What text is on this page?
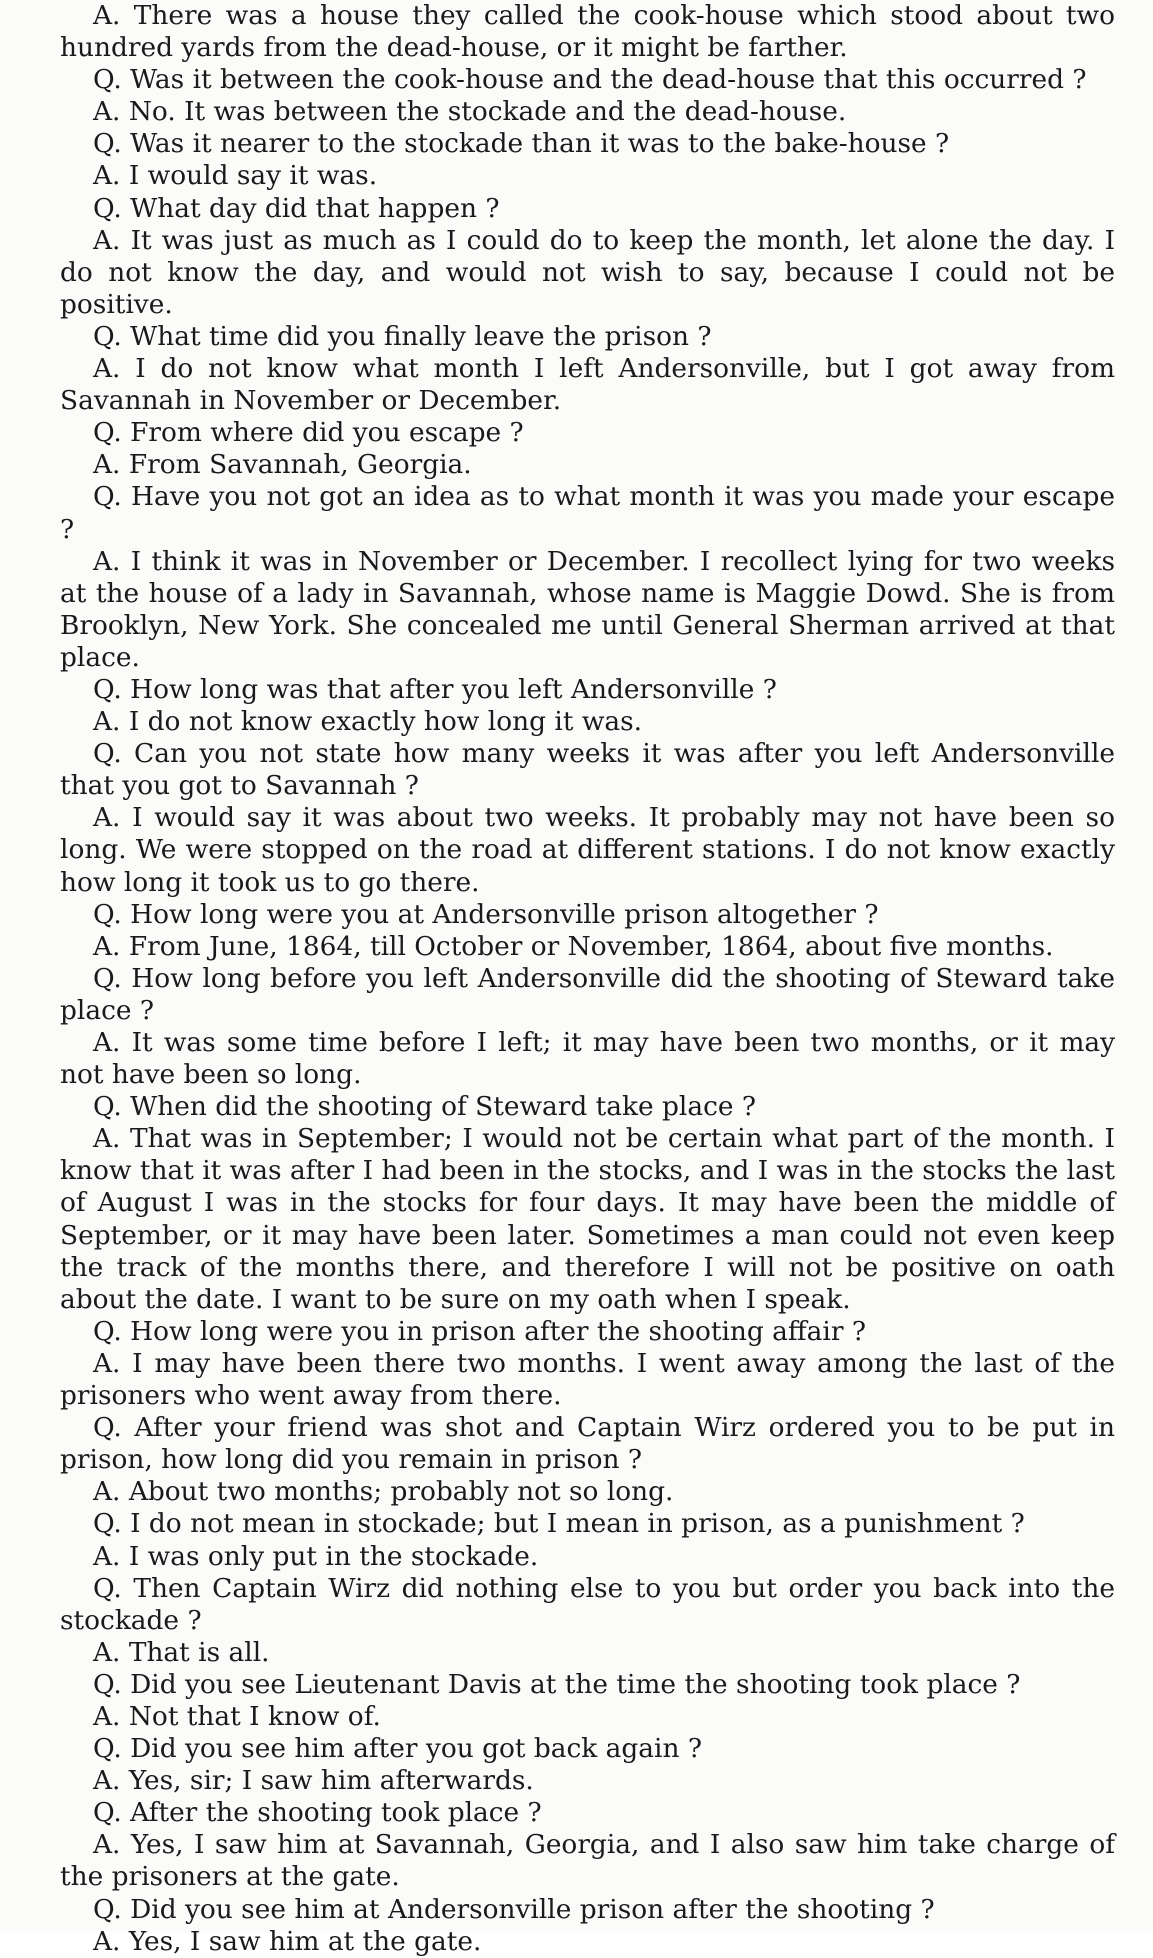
A. There was a house they called the cook-house which stood about two hundred yards from the dead-house, or it might be farther.

Q. Was it between the cook-house and the dead-house that this occurred ?

A. No. It was between the stockade and the dead-house.

Q. Was it nearer to the stockade than it was to the bake-house ?

A. I would say it was.

Q. What day did that happen ?

A. It was just as much as I could do to keep the month, let alone the day. I do not know the day, and would not wish to say, because I could not be positive.

Q. What time did you finally leave the prison ?

A. I do not know what month I left Andersonville, but I got away from Savannah in November or December.

Q. From where did you escape ?

A. From Savannah, Georgia.

Q. Have you not got an idea as to what month it was you made your escape ?

A. I think it was in November or December. I recollect lying for two weeks at the house of a lady in Savannah, whose name is Maggie Dowd. She is from Brooklyn, New York. She concealed me until General Sherman arrived at that place.

Q. How long was that after you left Andersonville ?

A. I do not know exactly how long it was.

Q. Can you not state how many weeks it was after you left Andersonville that you got to Savannah ?

A. I would say it was about two weeks. It probably may not have been so long. We were stopped on the road at different stations. I do not know exactly how long it took us to go there.

Q. How long were you at Andersonville prison altogether ?

A. From June, 1864, till October or November, 1864, about five months.

Q. How long before you left Andersonville did the shooting of Steward take place ?

A. It was some time before I left; it may have been two months, or it may not have been so long.

Q. When did the shooting of Steward take place ?

A. That was in September; I would not be certain what part of the month. I know that it was after I had been in the stocks, and I was in the stocks the last of August I was in the stocks for four days. It may have been the middle of September, or it may have been later. Sometimes a man could not even keep the track of the months there, and therefore I will not be positive on oath about the date. I want to be sure on my oath when I speak.

Q. How long were you in prison after the shooting affair ?

A. I may have been there two months. I went away among the last of the prisoners who went away from there.

Q. After your friend was shot and Captain Wirz ordered you to be put in prison, how long did you remain in prison ?

A. About two months; probably not so long.

Q. I do not mean in stockade; but I mean in prison, as a punishment ?

A. I was only put in the stockade.

Q. Then Captain Wirz did nothing else to you but order you back into the stockade ?

A. That is all.

Q. Did you see Lieutenant Davis at the time the shooting took place ?

A. Not that I know of.

Q. Did you see him after you got back again ?

A. Yes, sir; I saw him afterwards.

Q. After the shooting took place ?

A. Yes, I saw him at Savannah, Georgia, and I also saw him take charge of the prisoners at the gate.

Q. Did you see him at Andersonville prison after the shooting ?

A. Yes, I saw him at the gate.
